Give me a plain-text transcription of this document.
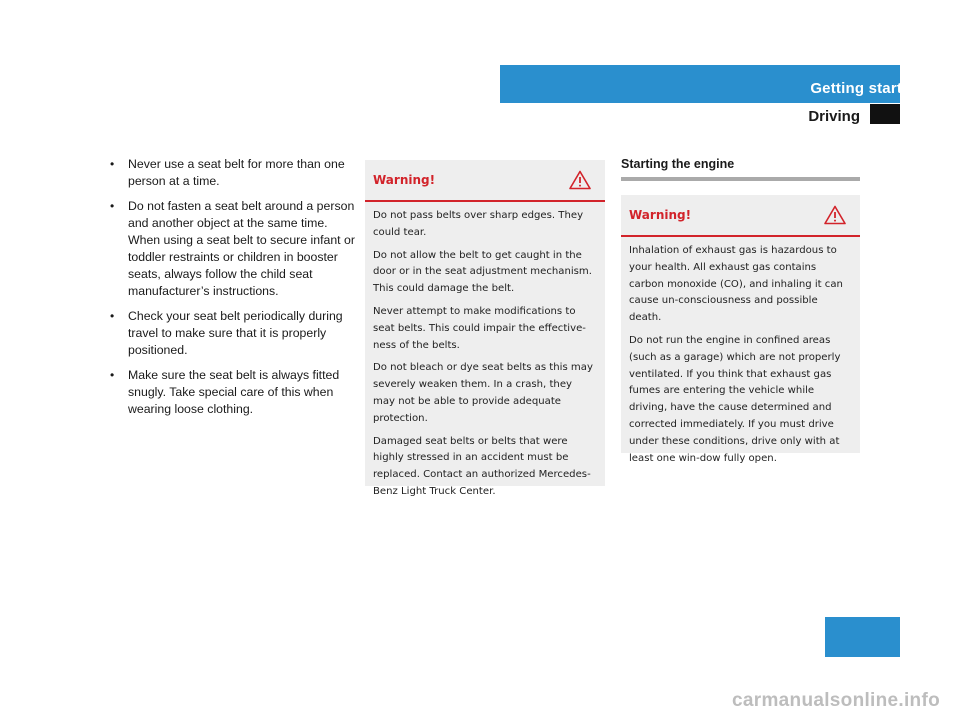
Getting started
Driving
• Never use a seat belt for more than one person at a time.
• Do not fasten a seat belt around a person and another object at the same time. When using a seat belt to secure infant or toddler restraints or children in booster seats, always follow the child seat manufacturer’s instructions.
• Check your seat belt periodically during travel to make sure that it is properly positioned.
• Make sure the seat belt is always fitted snugly. Take special care of this when wearing loose clothing.
Warning!

Do not pass belts over sharp edges. They could tear.

Do not allow the belt to get caught in the door or in the seat adjustment mechanism. This could damage the belt.

Never attempt to make modifications to seat belts. This could impair the effective-ness of the belts.

Do not bleach or dye seat belts as this may severely weaken them. In a crash, they may not be able to provide adequate protection.

Damaged seat belts or belts that were highly stressed in an accident must be replaced. Contact an authorized Mercedes-Benz Light Truck Center.

Starting the engine
Warning!

Inhalation of exhaust gas is hazardous to your health. All exhaust gas contains carbon monoxide (CO), and inhaling it can cause un-consciousness and possible death.

Do not run the engine in confined areas (such as a garage) which are not properly ventilated. If you think that exhaust gas fumes are entering the vehicle while driving, have the cause determined and corrected immediately. If you must drive under these conditions, drive only with at least one win-dow fully open.

57
carmanualsonline.info
